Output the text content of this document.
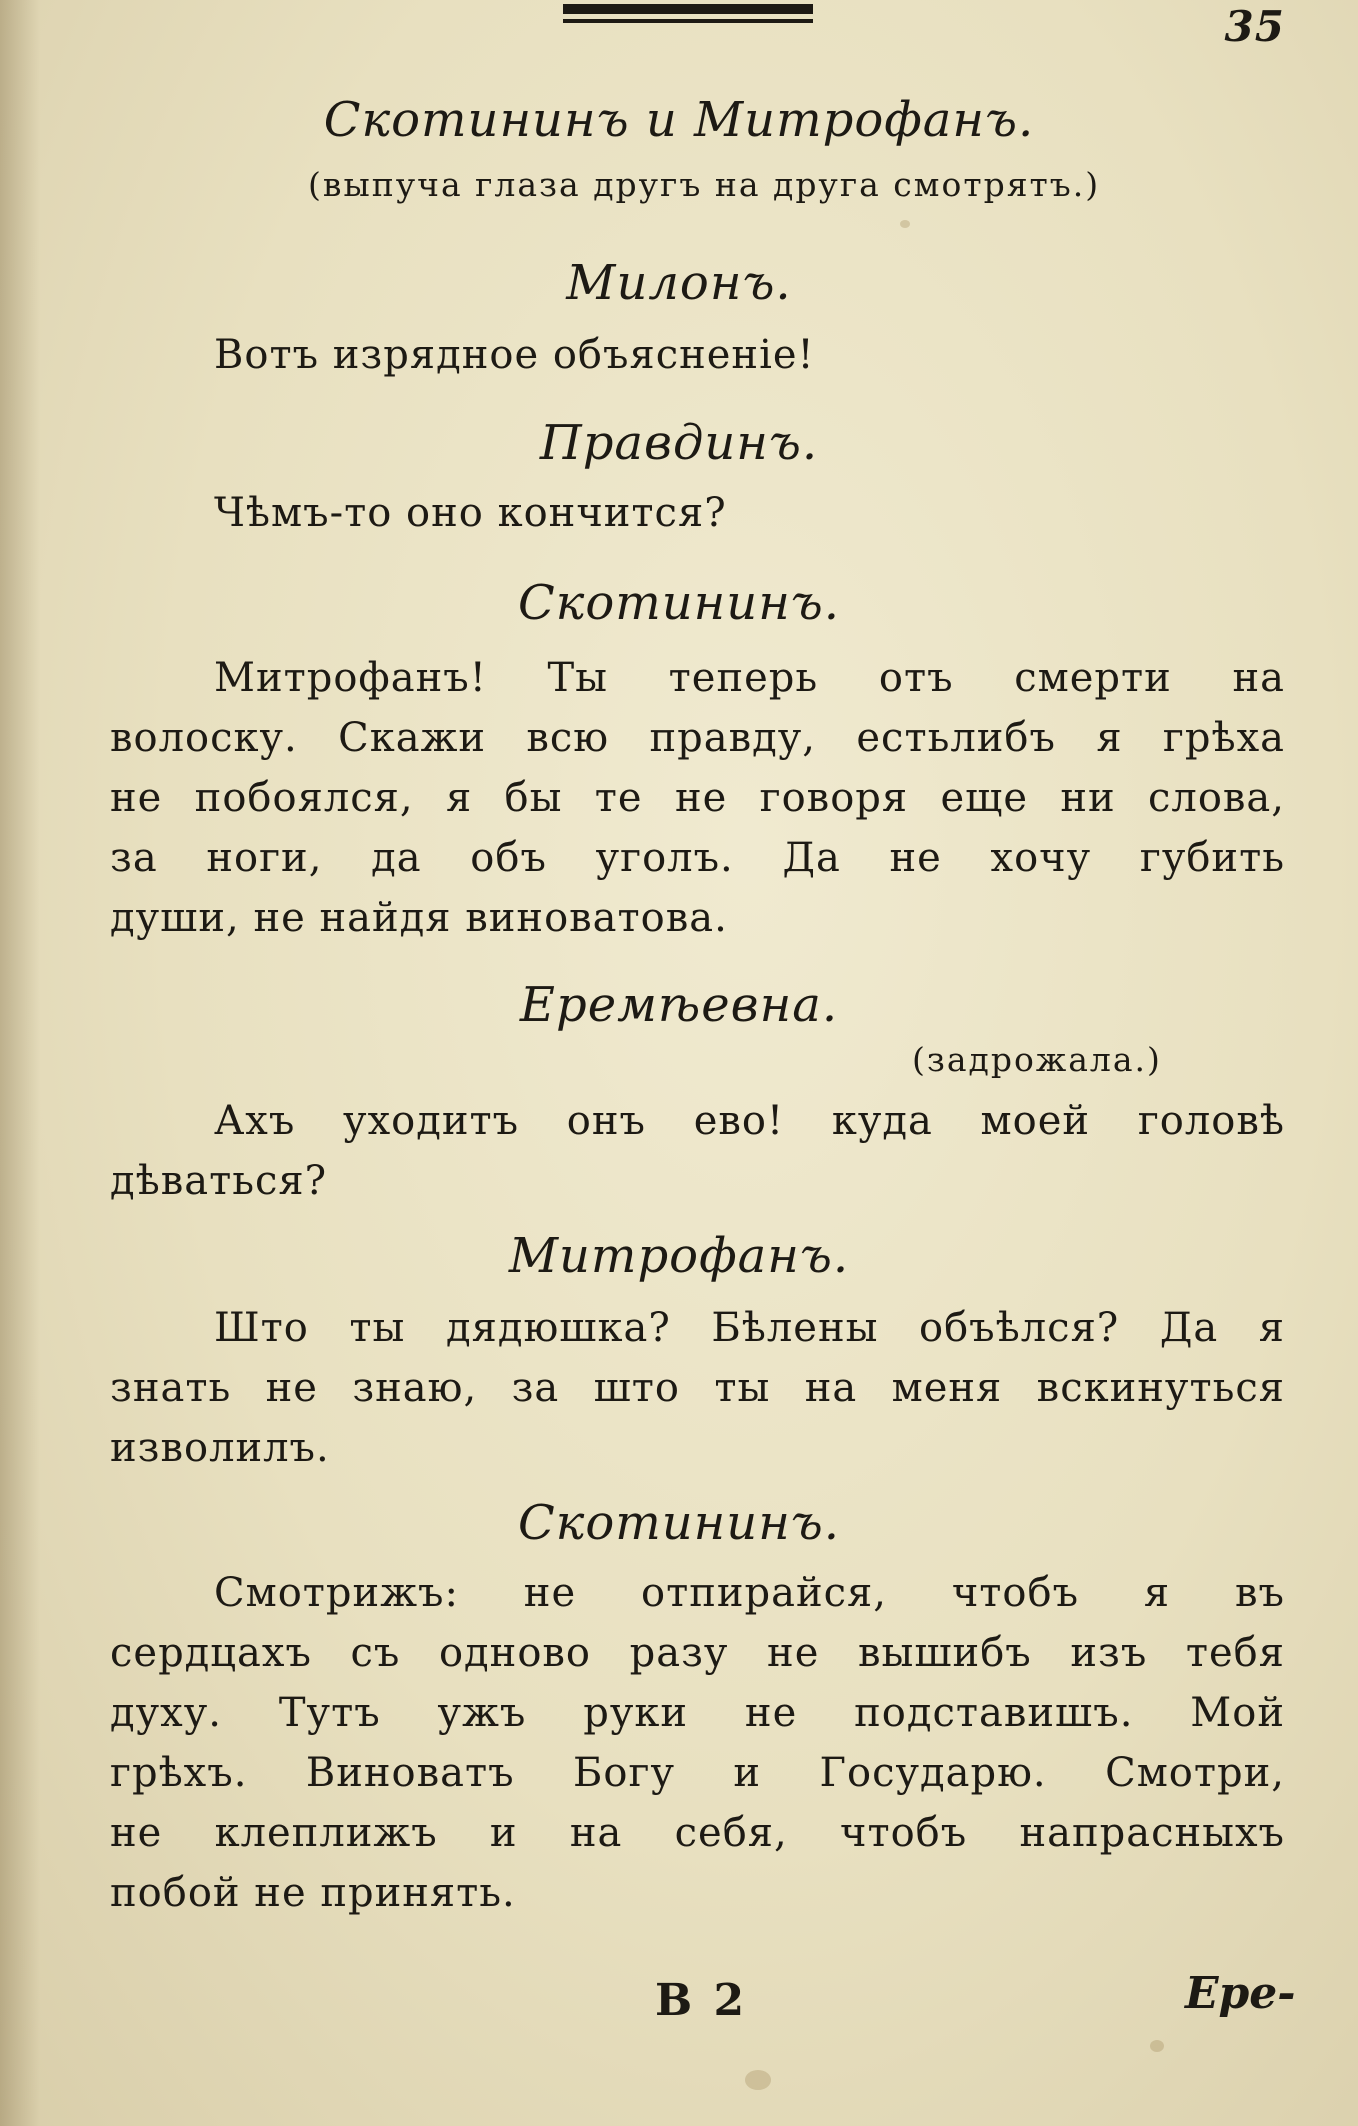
35
Скотининъ и Митрофанъ.
(выпуча глаза другъ на друга смотрятъ.)
Милонъ.
Вотъ изрядное объясненіе!
Правдинъ.
Чѣмъ-то оно кончится?
Скотининъ.
Митрофанъ! Ты теперь отъ смерти на
волоску. Скажи всю правду, естьлибъ я грѣха
не побоялся, я бы те не говоря еще ни слова,
за ноги, да объ уголъ. Да не хочу губить
души, не найдя виноватова.
Еремѣевна.
(задрожала.)
Ахъ уходитъ онъ ево! куда моей головѣ
дѣваться?
Митрофанъ.
Што ты дядюшка? Бѣлены объѣлся? Да я
знать не знаю, за што ты на меня вскинуться
изволилъ.
Скотининъ.
Смотрижъ: не отпирайся, чтобъ я въ
сердцахъ съ одново разу не вышибъ изъ тебя
духу. Тутъ ужъ руки не подставишъ. Мой
грѣхъ. Виноватъ Богу и Государю. Смотри,
не клеплижъ и на себя, чтобъ напрасныхъ
побой не принять.
В 2	Ере-
